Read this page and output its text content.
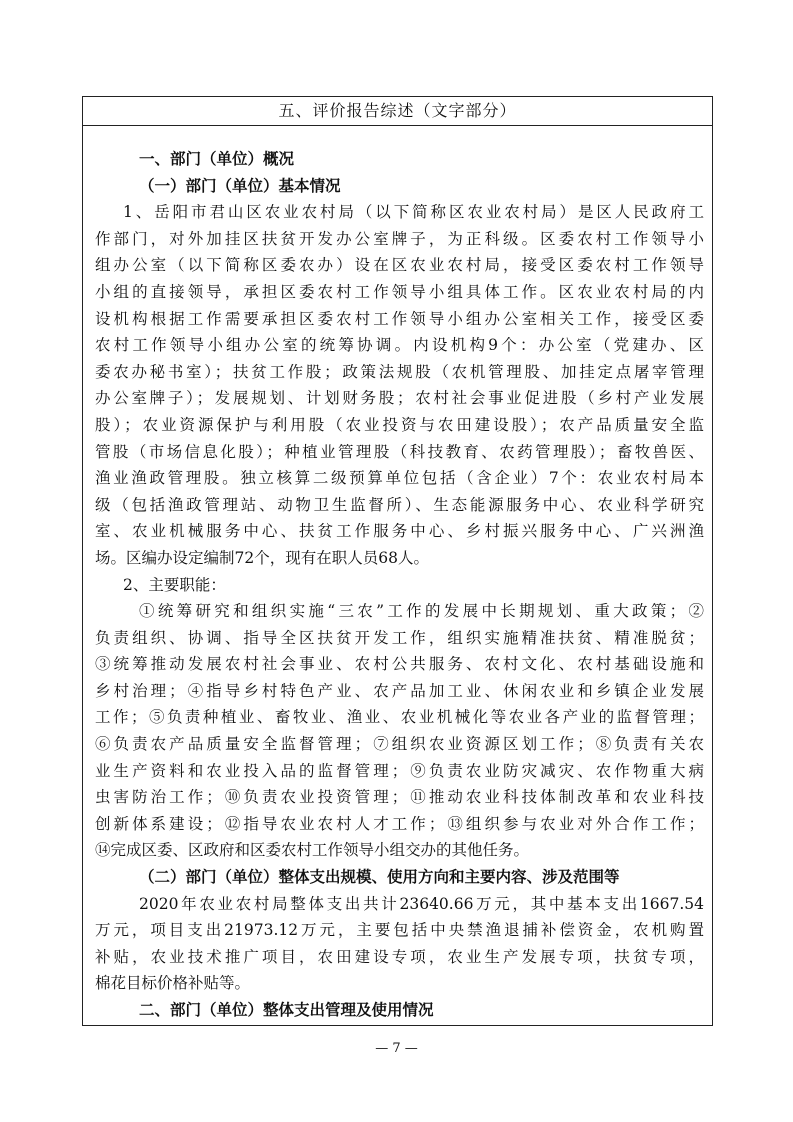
五、评价报告综述（文字部分）
一、部门（单位）概况
（一）部门（单位）基本情况
1、岳阳市君山区农业农村局（以下简称区农业农村局）是区人民政府工
作部门，对外加挂区扶贫开发办公室牌子，为正科级。区委农村工作领导小
组办公室（以下简称区委农办）设在区农业农村局，接受区委农村工作领导
小组的直接领导，承担区委农村工作领导小组具体工作。区农业农村局的内
设机构根据工作需要承担区委农村工作领导小组办公室相关工作，接受区委
农村工作领导小组办公室的统筹协调。内设机构9个：办公室（党建办、区
委农办秘书室）；扶贫工作股；政策法规股（农机管理股、加挂定点屠宰管理
办公室牌子）；发展规划、计划财务股；农村社会事业促进股（乡村产业发展
股）；农业资源保护与利用股（农业投资与农田建设股）；农产品质量安全监
管股（市场信息化股）；种植业管理股（科技教育、农药管理股）；畜牧兽医、
渔业渔政管理股。独立核算二级预算单位包括（含企业）7个：农业农村局本
级（包括渔政管理站、动物卫生监督所）、生态能源服务中心、农业科学研究
室、农业机械服务中心、扶贫工作服务中心、乡村振兴服务中心、广兴洲渔
场。区编办设定编制72个，现有在职人员68人。
2、主要职能：
①统筹研究和组织实施“三农”工作的发展中长期规划、重大政策；②
负责组织、协调、指导全区扶贫开发工作，组织实施精准扶贫、精准脱贫；
③统筹推动发展农村社会事业、农村公共服务、农村文化、农村基础设施和
乡村治理；④指导乡村特色产业、农产品加工业、休闲农业和乡镇企业发展
工作；⑤负责种植业、畜牧业、渔业、农业机械化等农业各产业的监督管理；
⑥负责农产品质量安全监督管理；⑦组织农业资源区划工作；⑧负责有关农
业生产资料和农业投入品的监督管理；⑨负责农业防灾减灾、农作物重大病
虫害防治工作；⑩负责农业投资管理；⑪推动农业科技体制改革和农业科技
创新体系建设；⑫指导农业农村人才工作；⑬组织参与农业对外合作工作；
⑭完成区委、区政府和区委农村工作领导小组交办的其他任务。
（二）部门（单位）整体支出规模、使用方向和主要内容、涉及范围等
2020年农业农村局整体支出共计23640.66万元，其中基本支出1667.54
万元，项目支出21973.12万元，主要包括中央禁渔退捕补偿资金，农机购置
补贴，农业技术推广项目，农田建设专项，农业生产发展专项，扶贫专项，
棉花目标价格补贴等。
二、部门（单位）整体支出管理及使用情况
— 7 —
